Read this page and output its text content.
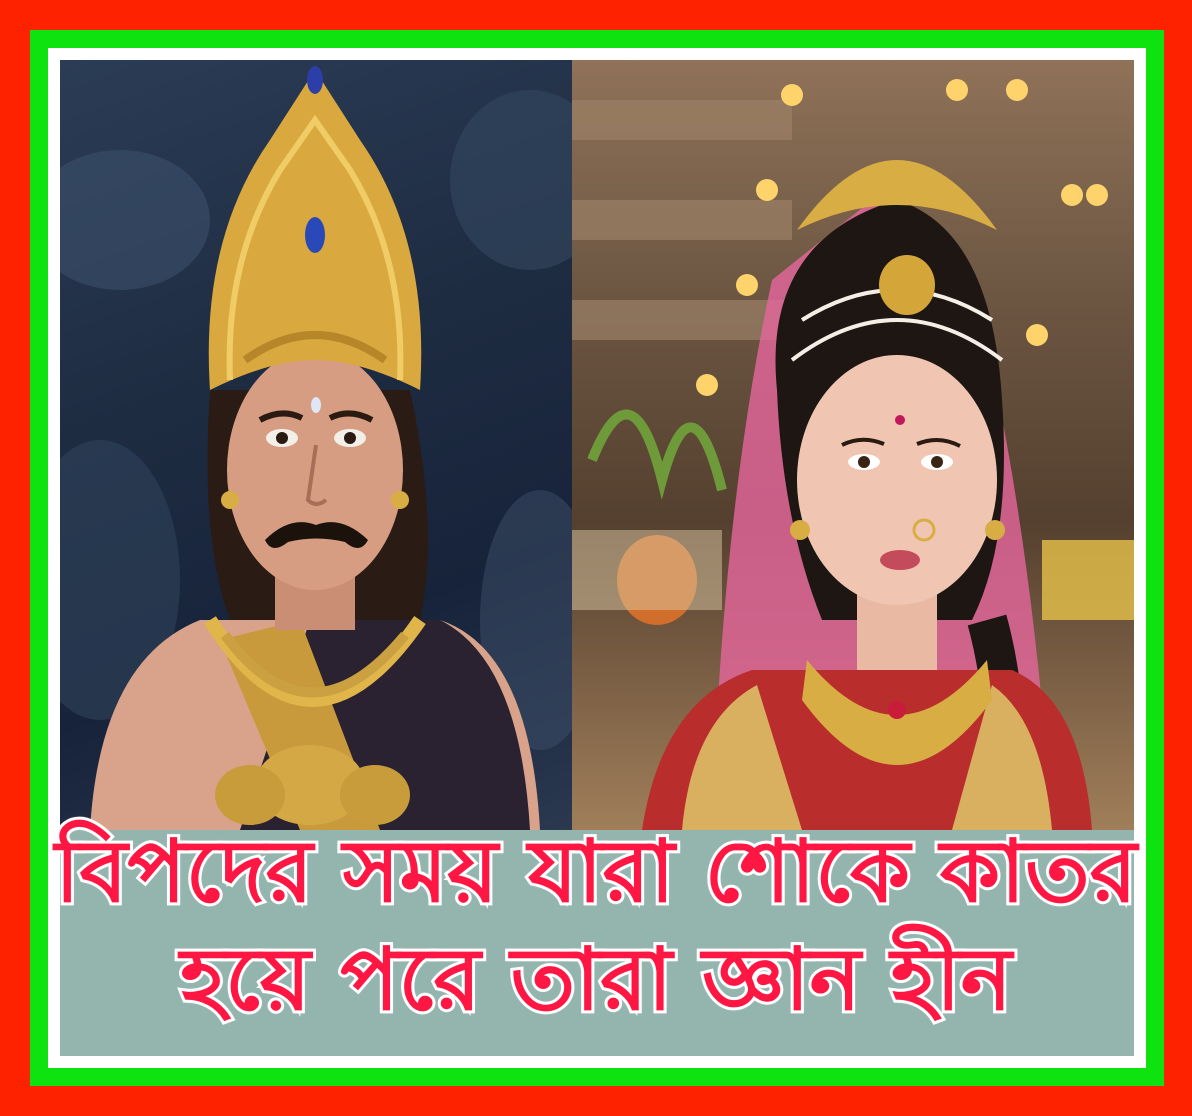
বিপদের সময় যারা শোকে কাতর
হয়ে পরে তারা জ্ঞান হীন
